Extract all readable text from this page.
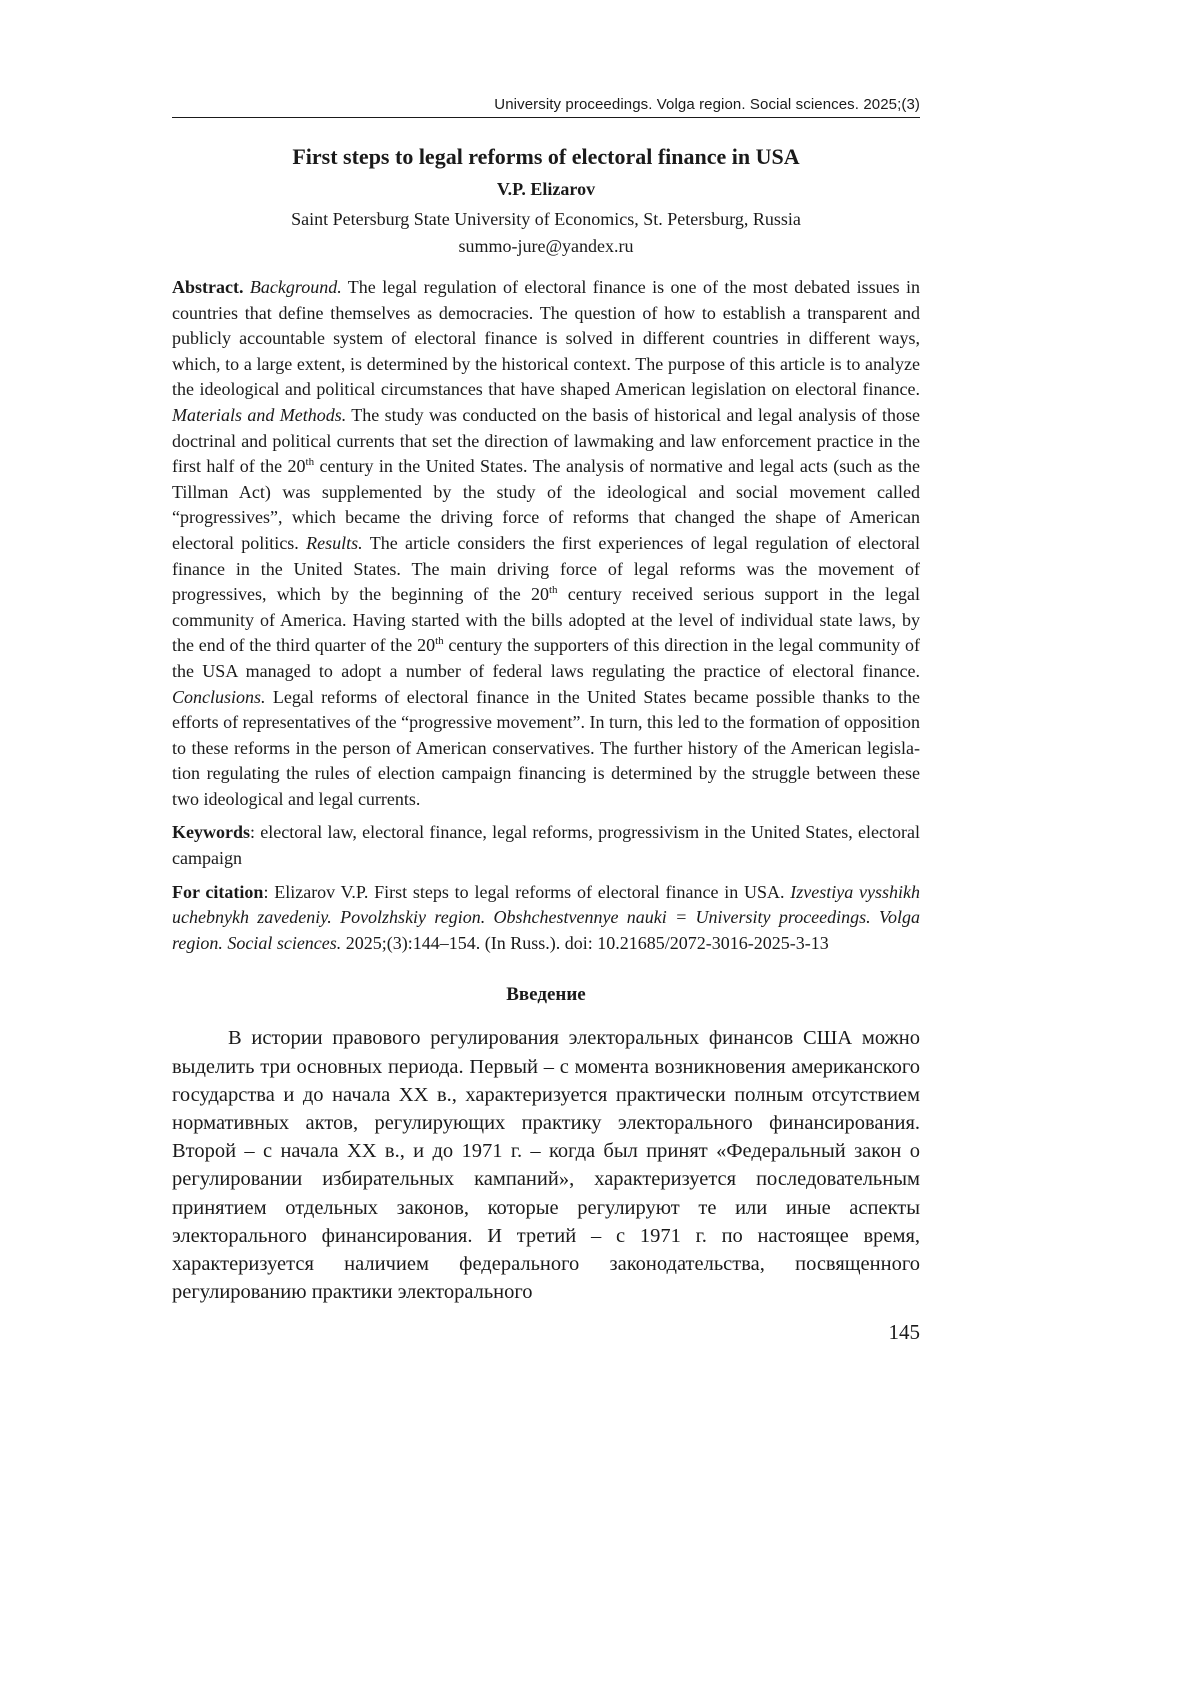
University proceedings. Volga region. Social sciences. 2025;(3)
First steps to legal reforms of electoral finance in USA
V.P. Elizarov
Saint Petersburg State University of Economics, St. Petersburg, Russia
summo-jure@yandex.ru
Abstract. Background. The legal regulation of electoral finance is one of the most debated issues in countries that define themselves as democracies. The question of how to establish a transparent and publicly accountable system of electoral finance is solved in different countries in different ways, which, to a large extent, is determined by the historical context. The purpose of this article is to analyze the ideological and political circumstances that have shaped American legislation on electoral finance. Materials and Methods. The study was conducted on the basis of historical and legal analysis of those doctrinal and political currents that set the direction of lawmaking and law enforcement practice in the first half of the 20th century in the United States. The analysis of normative and legal acts (such as the Tillman Act) was supplemented by the study of the ideological and social movement called “progressives”, which became the driving force of reforms that changed the shape of American electoral politics. Results. The article considers the first experiences of legal regulation of electoral finance in the United States. The main driving force of legal reforms was the movement of progressives, which by the beginning of the 20th century received serious support in the legal community of America. Having started with the bills adopted at the level of individual state laws, by the end of the third quarter of the 20th century the supporters of this direction in the legal community of the USA managed to adopt a number of federal laws regulating the practice of electoral finance. Conclusions. Legal reforms of electoral finance in the United States became possible thanks to the efforts of representatives of the “progressive movement”. In turn, this led to the formation of opposition to these reforms in the person of American conservatives. The further history of the American legislation regulating the rules of election campaign financing is determined by the struggle between these two ideological and legal currents.
Keywords: electoral law, electoral finance, legal reforms, progressivism in the United States, electoral campaign
For citation: Elizarov V.P. First steps to legal reforms of electoral finance in USA. Izvestiya vysshikh uchebnykh zavedeniy. Povolzhskiy region. Obshchestvennye nauki = University proceedings. Volga region. Social sciences. 2025;(3):144–154. (In Russ.). doi: 10.21685/2072-3016-2025-3-13
Введение
В истории правового регулирования электоральных финансов США можно выделить три основных периода. Первый – с момента возникновения американского государства и до начала XX в., характеризуется практически полным отсутствием нормативных актов, регулирующих практику электорального финансирования. Второй – с начала XX в., и до 1971 г. – когда был принят «Федеральный закон о регулировании избирательных кампаний», характеризуется последовательным принятием отдельных законов, которые регулируют те или иные аспекты электорального финансирования. И третий – с 1971 г. по настоящее время, характеризуется наличием федерального законодательства, посвященного регулированию практики электорального
145
